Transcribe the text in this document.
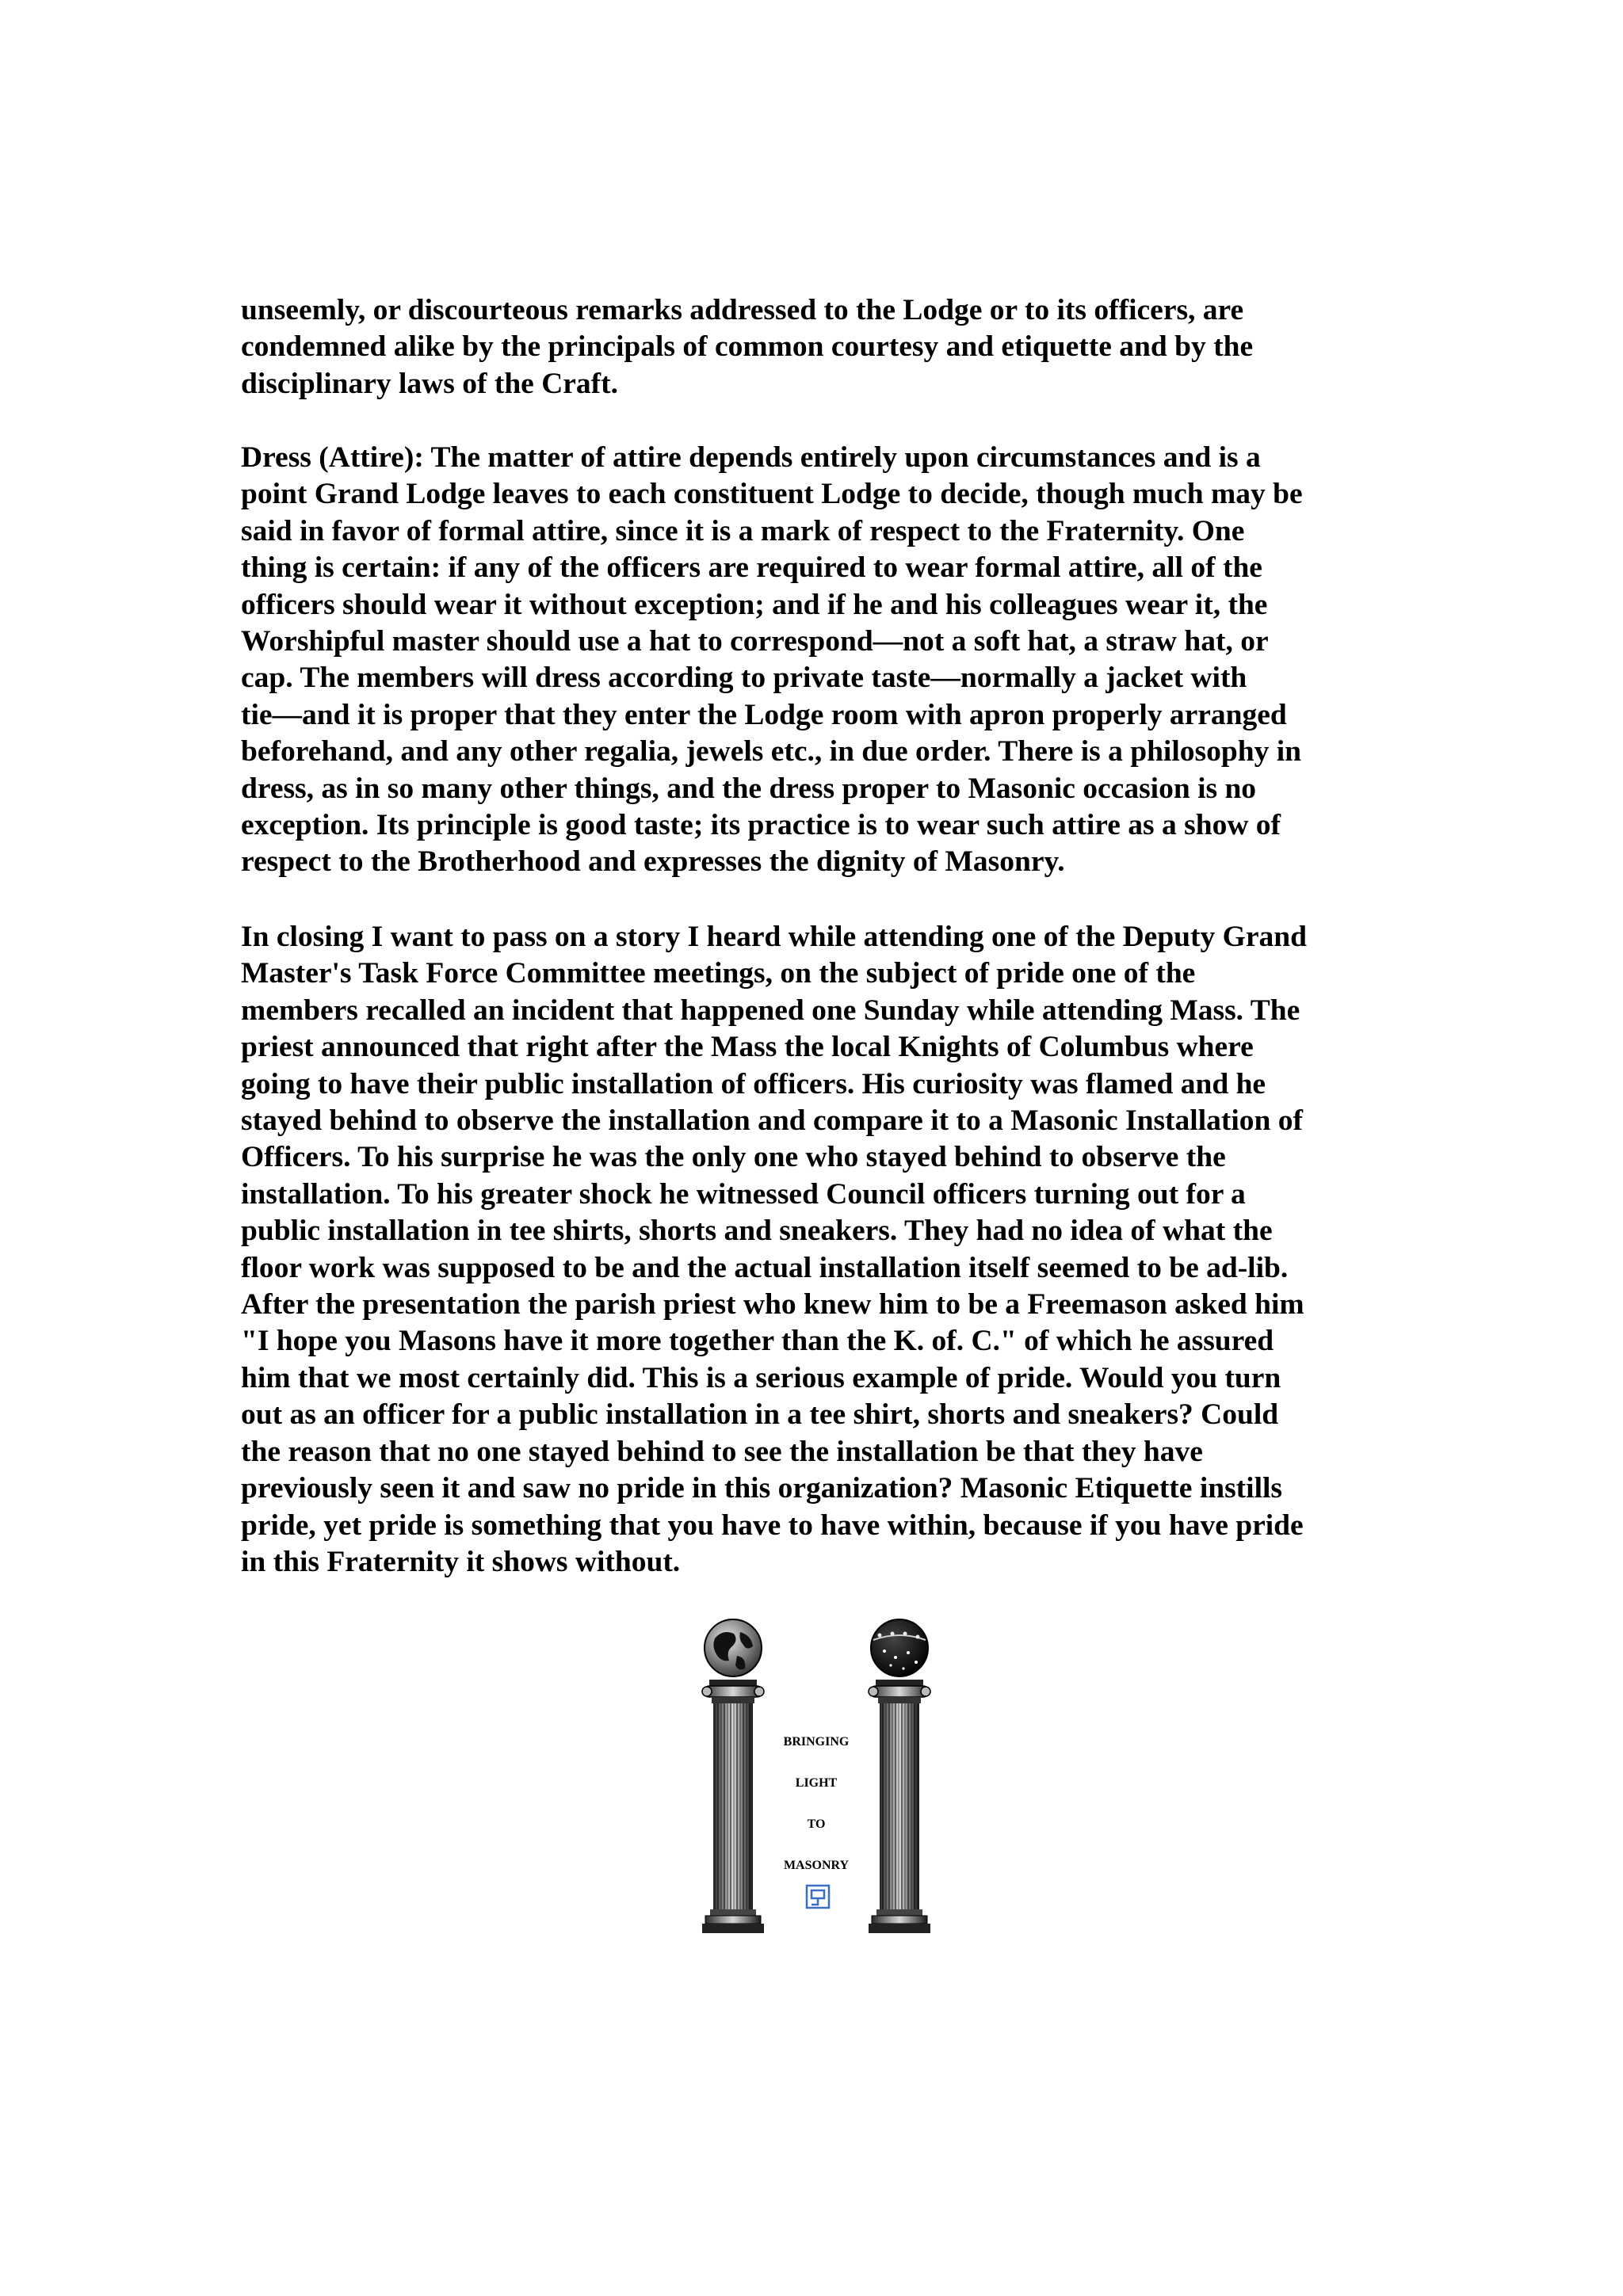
unseemly, or discourteous remarks addressed to the Lodge or to its officers, are
condemned alike by the principals of common courtesy and etiquette and by the
disciplinary laws of the Craft.
Dress (Attire): The matter of attire depends entirely upon circumstances and is a
point Grand Lodge leaves to each constituent Lodge to decide, though much may be
said in favor of formal attire, since it is a mark of respect to the Fraternity. One
thing is certain: if any of the officers are required to wear formal attire, all of the
officers should wear it without exception; and if he and his colleagues wear it, the
Worshipful master should use a hat to correspond—not a soft hat, a straw hat, or
cap. The members will dress according to private taste—normally a jacket with
tie—and it is proper that they enter the Lodge room with apron properly arranged
beforehand, and any other regalia, jewels etc., in due order. There is a philosophy in
dress, as in so many other things, and the dress proper to Masonic occasion is no
exception. Its principle is good taste; its practice is to wear such attire as a show of
respect to the Brotherhood and expresses the dignity of Masonry.
In closing I want to pass on a story I heard while attending one of the Deputy Grand
Master's Task Force Committee meetings, on the subject of pride one of the
members recalled an incident that happened one Sunday while attending Mass. The
priest announced that right after the Mass the local Knights of Columbus where
going to have their public installation of officers. His curiosity was flamed and he
stayed behind to observe the installation and compare it to a Masonic Installation of
Officers. To his surprise he was the only one who stayed behind to observe the
installation. To his greater shock he witnessed Council officers turning out for a
public installation in tee shirts, shorts and sneakers. They had no idea of what the
floor work was supposed to be and the actual installation itself seemed to be ad-lib.
After the presentation the parish priest who knew him to be a Freemason asked him
"I hope you Masons have it more together than the K. of. C." of which he assured
him that we most certainly did. This is a serious example of pride. Would you turn
out as an officer for a public installation in a tee shirt, shorts and sneakers? Could
the reason that no one stayed behind to see the installation be that they have
previously seen it and saw no pride in this organization? Masonic Etiquette instills
pride, yet pride is something that you have to have within, because if you have pride
in this Fraternity it shows without.
BRINGING
LIGHT
TO
MASONRY
